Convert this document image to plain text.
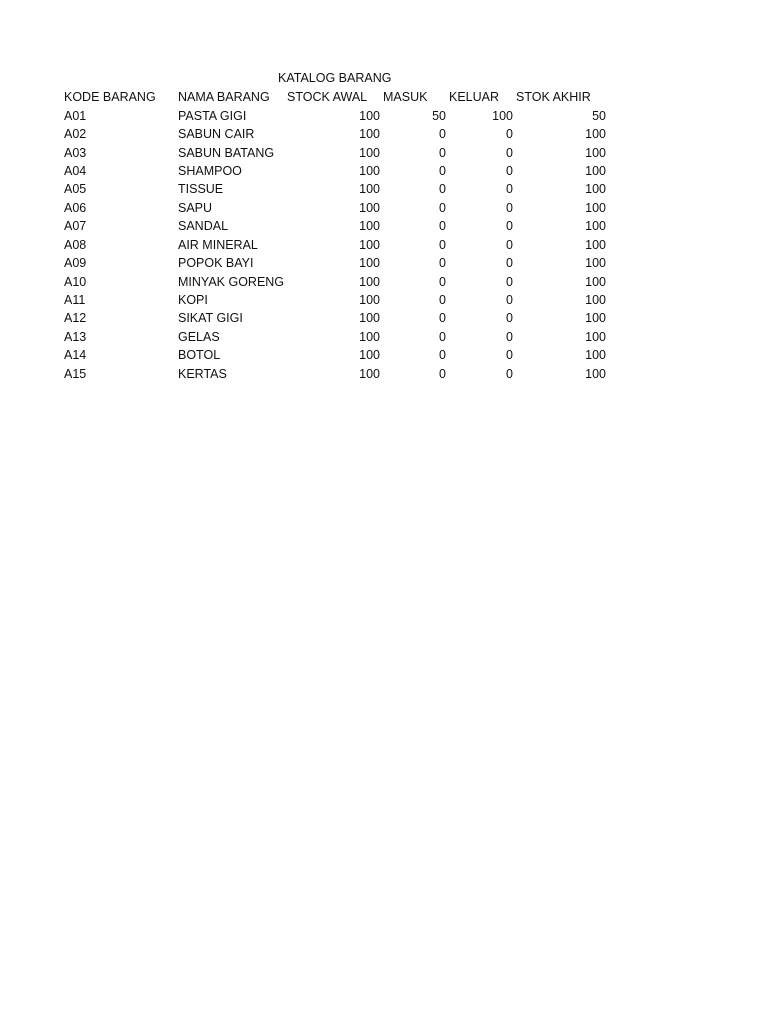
KATALOG BARANG
KODE BARANG	NAMA BARANG	STOCK AWAL	MASUK	KELUAR	STOK AKHIR
A01	PASTA GIGI	100	50	100	50
A02	SABUN CAIR	100	0	0	100
A03	SABUN BATANG	100	0	0	100
A04	SHAMPOO	100	0	0	100
A05	TISSUE	100	0	0	100
A06	SAPU	100	0	0	100
A07	SANDAL	100	0	0	100
A08	AIR MINERAL	100	0	0	100
A09	POPOK BAYI	100	0	0	100
A10	MINYAK GORENG	100	0	0	100
A11	KOPI	100	0	0	100
A12	SIKAT GIGI	100	0	0	100
A13	GELAS	100	0	0	100
A14	BOTOL	100	0	0	100
A15	KERTAS	100	0	0	100
